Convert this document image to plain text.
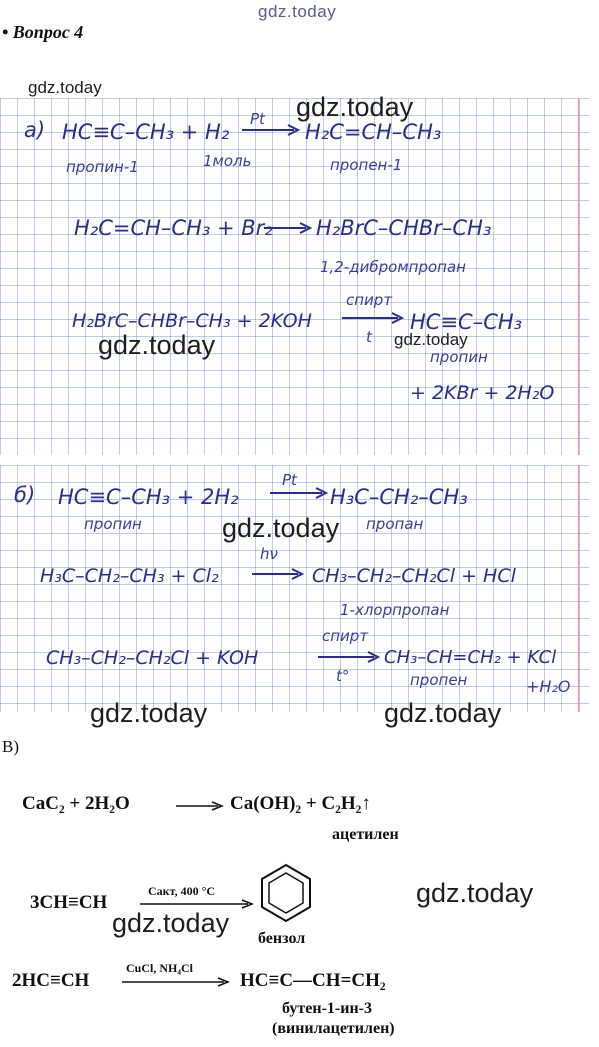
gdz.today
• Вопрос 4
gdz.today
а) HC≡C–CH₃ + H₂
Pt
H₂C=CH–CH₃
пропин-1	1моль	пропен-1
gdz.today
H₂C=CH–CH₃ + Br₂ H₂BrC–CHBr–CH₃
1,2-дибромпропан
H₂BrC–CHBr–CH₃ + 2KOH
спирт
t
HC≡C–CH₃
пропин
+ 2KBr + 2H₂O
gdz.today	gdz.today
б) HC≡C–CH₃ + 2H₂
Pt
H₃C–CH₂–CH₃
пропин	пропан
gdz.today
H₃C–CH₂–CH₃ + Cl₂
hν
CH₃–CH₂–CH₂Cl + HCl
1-хлорпропан
CH₃–CH₂–CH₂Cl + KOH
спирт
t°
CH₃–CH=CH₂ + KCl
пропен	+H₂O
gdz.today	gdz.today
В)
CaC₂ + 2H₂O	Ca(OH)₂ + C₂H₂↑
ацетилен
3CH≡CH
Cакт, 400 °C
бензол
gdz.today
gdz.today
2HC≡CH
CuCl, NH₄Cl
HC≡C—CH=CH₂
бутен-1-ин-3
(винилацетилен)
